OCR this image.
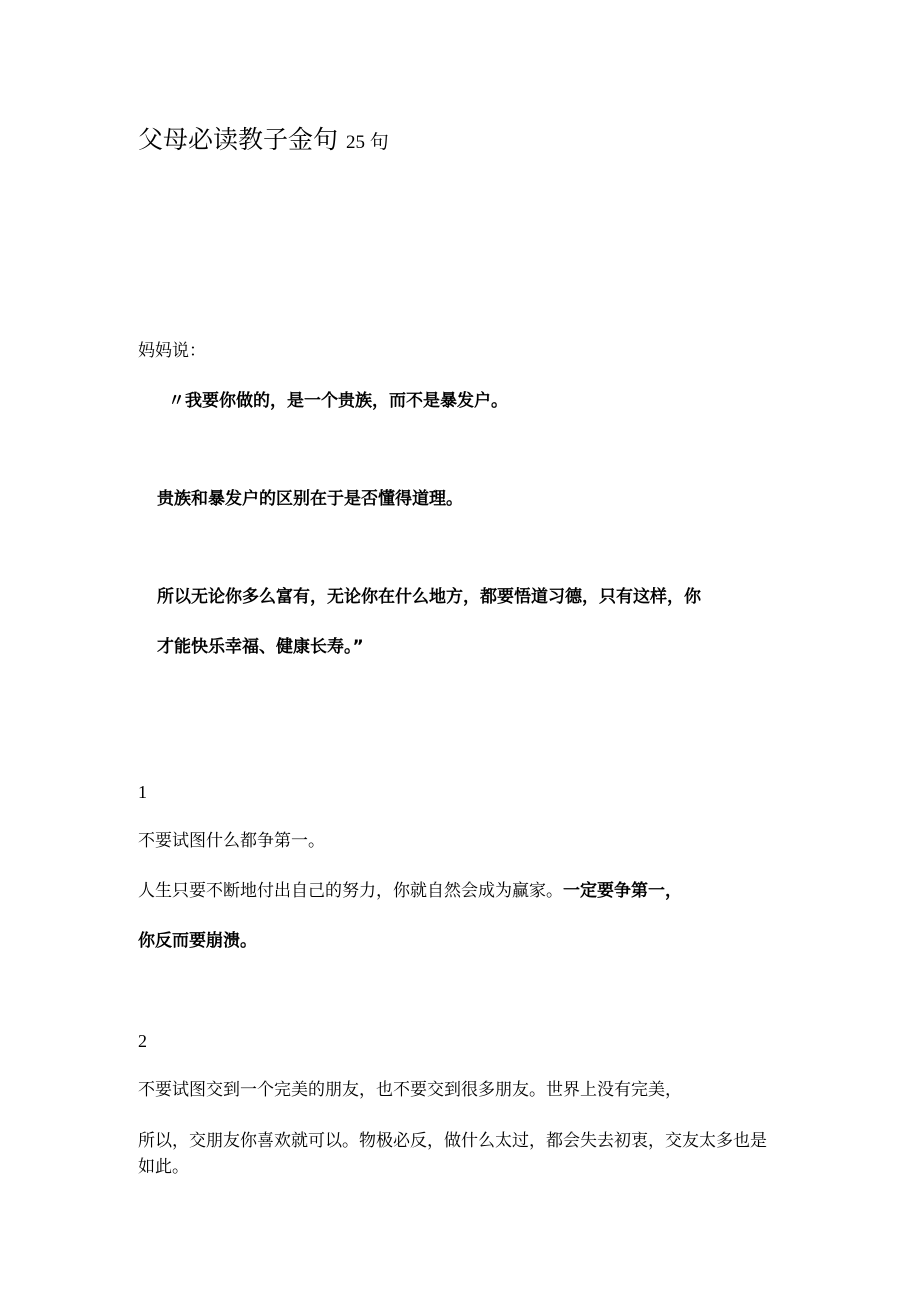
父母必读教子金句 25 句
妈妈说：
〃我要你做的，是一个贵族，而不是暴发户。
贵族和暴发户的区别在于是否懂得道理。
所以无论你多么富有，无论你在什么地方，都要悟道习德，只有这样，你
才能快乐幸福、健康长寿。”
1
不要试图什么都争第一。
人生只要不断地付出自己的努力，你就自然会成为赢家。一定要争第一，
你反而要崩溃。
2
不要试图交到一个完美的朋友，也不要交到很多朋友。世界上没有完美，
所以，交朋友你喜欢就可以。物极必反，做什么太过，都会失去初衷，交友太多也是如此。
